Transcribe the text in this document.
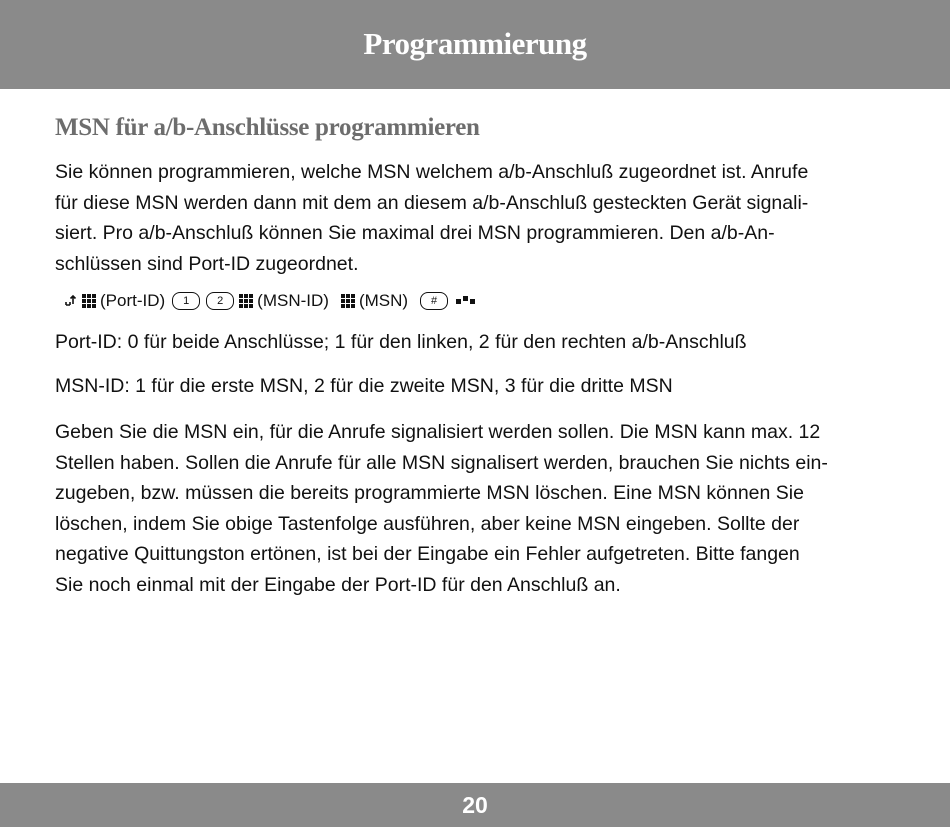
Programmierung
MSN für a/b-Anschlüsse programmieren
Sie können programmieren, welche MSN welchem a/b-Anschluß zugeordnet ist. Anrufe
für diese MSN werden dann mit dem an diesem a/b-Anschluß gesteckten Gerät signali-
siert. Pro a/b-Anschluß können Sie maximal drei MSN programmieren. Den a/b-An-
schlüssen sind Port-ID zugeordnet.
(Port-ID)	1	2	(MSN-ID) (MSN)	#
Port-ID: 0 für beide Anschlüsse; 1 für den linken, 2 für den rechten a/b-Anschluß
MSN-ID: 1 für die erste MSN, 2 für die zweite MSN, 3 für die dritte MSN
Geben Sie die MSN ein, für die Anrufe signalisiert werden sollen. Die MSN kann max. 12
Stellen haben. Sollen die Anrufe für alle MSN signalisert werden, brauchen Sie nichts ein-
zugeben, bzw. müssen die bereits programmierte MSN löschen. Eine MSN können Sie
löschen, indem Sie obige Tastenfolge ausführen, aber keine MSN eingeben. Sollte der
negative Quittungston ertönen, ist bei der Eingabe ein Fehler aufgetreten. Bitte fangen
Sie noch einmal mit der Eingabe der Port-ID für den Anschluß an.
20
